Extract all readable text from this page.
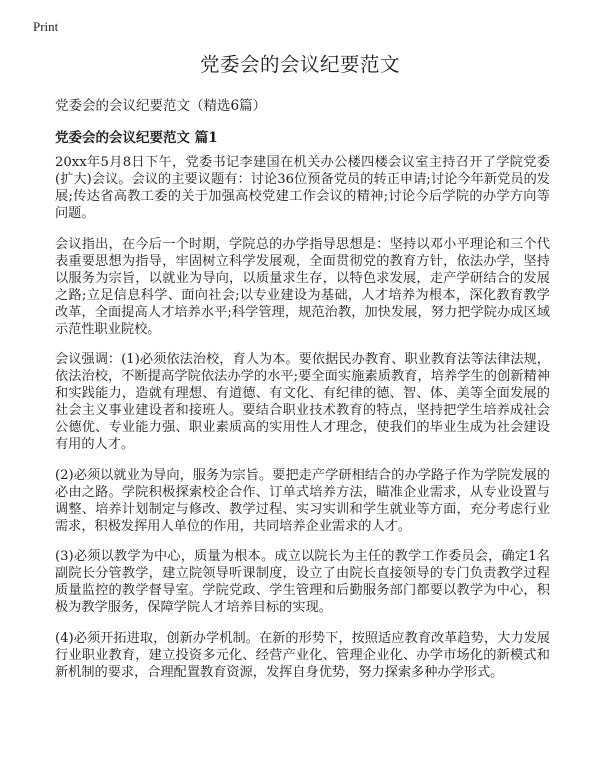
Print
党委会的会议纪要范文

党委会的会议纪要范文（精选6篇）

党委会的会议纪要范文 篇1

20xx年5月8日下午，党委书记李建国在机关办公楼四楼会议室主持召开了学院党委(扩大)会议。会议的主要议题有：讨论36位预备党员的转正申请;讨论今年新党员的发展;传达省高教工委的关于加强高校党建工作会议的精神;讨论今后学院的办学方向等问题。

会议指出，在今后一个时期，学院总的办学指导思想是：坚持以邓小平理论和三个代表重要思想为指导，牢固树立科学发展观，全面贯彻党的教育方针，依法办学，坚持以服务为宗旨，以就业为导向，以质量求生存，以特色求发展，走产学研结合的发展之路;立足信息科学、面向社会;以专业建设为基础，人才培养为根本，深化教育教学改革，全面提高人才培养水平;科学管理，规范治教，加快发展，努力把学院办成区域示范性职业院校。

会议强调：(1)必须依法治校，育人为本。要依据民办教育、职业教育法等法律法规，依法治校，不断提高学院依法办学的水平;要全面实施素质教育，培养学生的创新精神和实践能力，造就有理想、有道德、有文化、有纪律的德、智、体、美等全面发展的社会主义事业建设者和接班人。要结合职业技术教育的特点，坚持把学生培养成社会公德优、专业能力强、职业素质高的实用性人才理念，使我们的毕业生成为社会建设有用的人才。

(2)必须以就业为导向，服务为宗旨。要把走产学研相结合的办学路子作为学院发展的必由之路。学院积极探索校企合作、订单式培养方法，瞄准企业需求，从专业设置与调整、培养计划制定与修改、教学过程、实习实训和学生就业等方面，充分考虑行业需求，积极发挥用人单位的作用，共同培养企业需求的人才。

(3)必须以教学为中心，质量为根本。成立以院长为主任的教学工作委员会，确定1名副院长分管教学，建立院领导听课制度，设立了由院长直接领导的专门负责教学过程质量监控的教学督导室。学院党政、学生管理和后勤服务部门都要以教学为中心，积极为教学服务，保障学院人才培养目标的实现。

(4)必须开拓进取，创新办学机制。在新的形势下，按照适应教育改革趋势，大力发展行业职业教育，建立投资多元化、经营产业化、管理企业化、办学市场化的新模式和新机制的要求，合理配置教育资源，发挥自身优势，努力探索多种办学形式。
